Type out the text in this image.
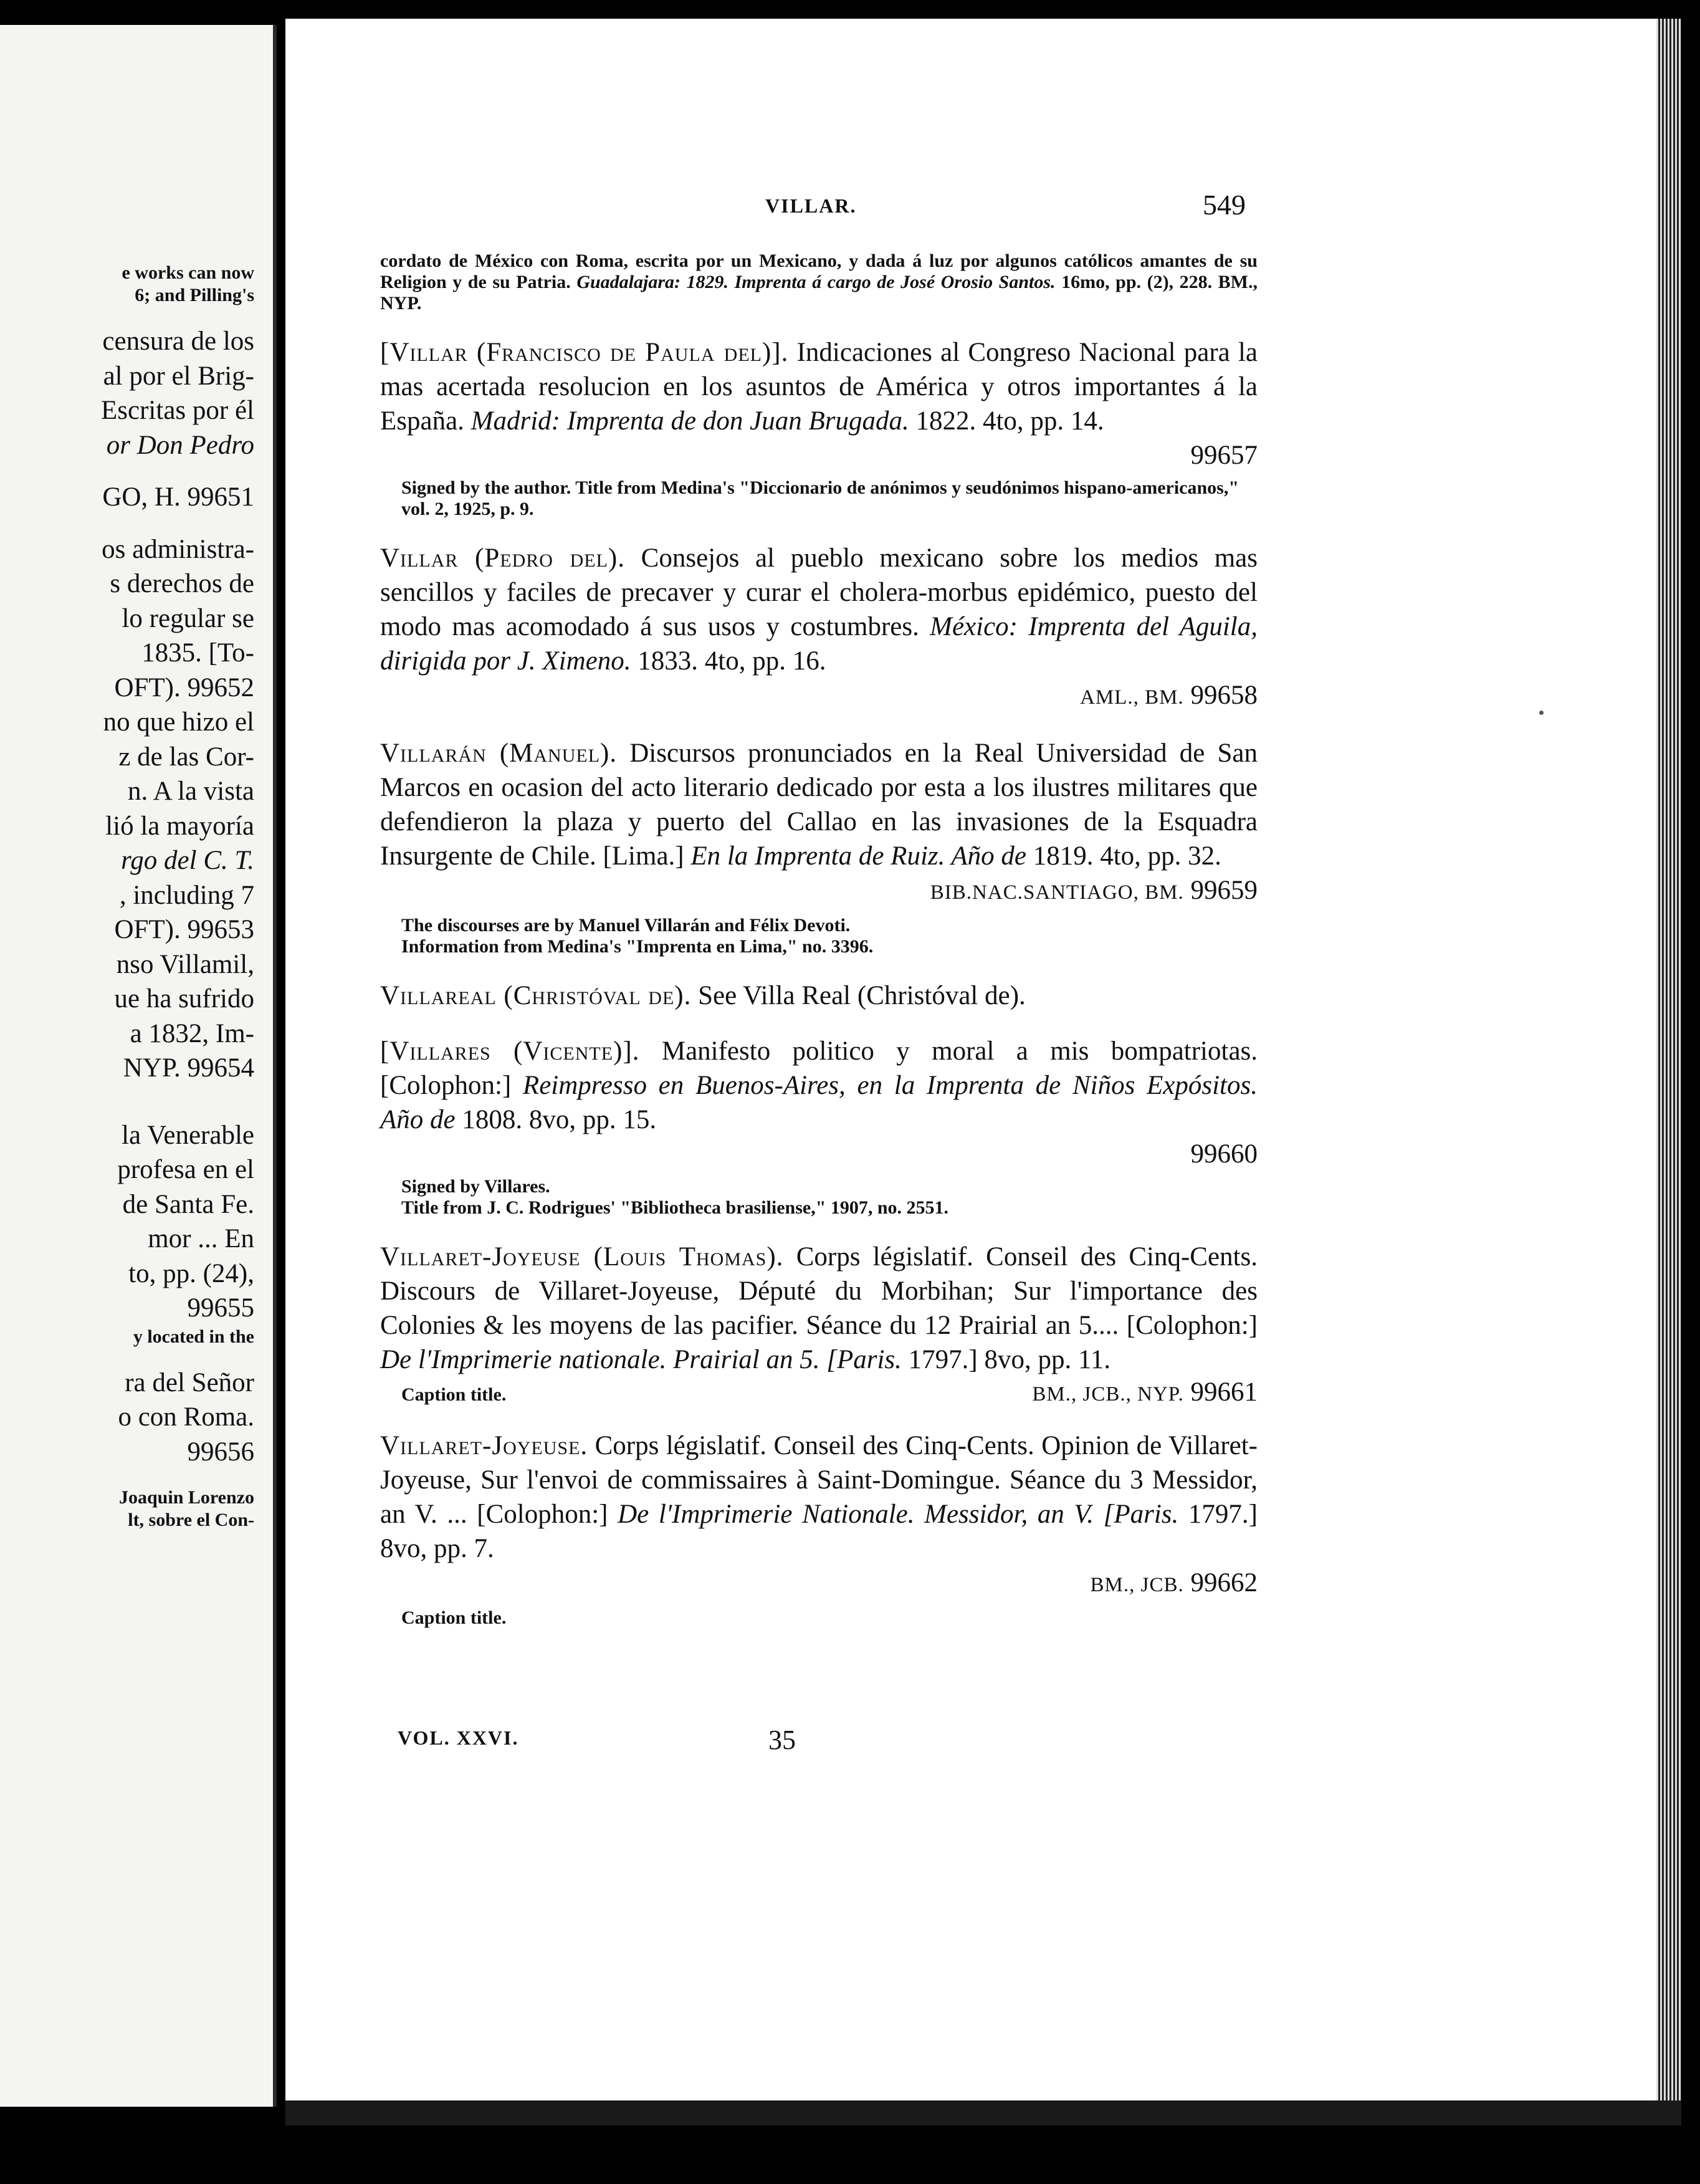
e works can now
6; and Pilling's
censura de los
al por el Brig-
Escritas por él
or Don Pedro
GO, H. 99651
os administra-
s derechos de
lo regular se
1835. [To-
OFT). 99652
no que hizo el
z de las Cor-
n. A la vista
lió la mayoría
rgo del C. T.
, including 7
OFT). 99653
nso Villamil,
ue ha sufrido
a 1832, Im-
NYP. 99654
la Venerable
profesa en el
de Santa Fe.
mor ... En
to, pp. (24),
99655
y located in the
ra del Señor
o con Roma.
99656
Joaquin Lorenzo
lt, sobre el Con-
VILLAR.	549
cordato de México con Roma, escrita por un Mexicano, y dada á luz por algunos católicos amantes de su Religion y de su Patria. Guadalajara: 1829. Imprenta á cargo de José Orosio Santos. 16mo, pp. (2), 228. BM., NYP.
[Villar (Francisco de Paula del)]. Indicaciones al Congreso Nacional para la mas acertada resolucion en los asuntos de América y otros importantes á la España. Madrid: Imprenta de don Juan Brugada. 1822. 4to, pp. 14.
99657
Signed by the author. Title from Medina's "Diccionario de anónimos y seudónimos hispano-americanos," vol. 2, 1925, p. 9.
Villar (Pedro del). Consejos al pueblo mexicano sobre los medios mas sencillos y faciles de precaver y curar el cholera-morbus epidémico, puesto del modo mas acomodado á sus usos y costumbres. México: Imprenta del Aguila, dirigida por J. Ximeno. 1833. 4to, pp. 16.
AML., BM. 99658
Villarán (Manuel). Discursos pronunciados en la Real Universidad de San Marcos en ocasion del acto literario dedicado por esta a los ilustres militares que defendieron la plaza y puerto del Callao en las invasiones de la Esquadra Insurgente de Chile. [Lima.] En la Imprenta de Ruiz. Año de 1819. 4to, pp. 32.
BIB.NAC.SANTIAGO, BM. 99659
The discourses are by Manuel Villarán and Félix Devoti.
Information from Medina's "Imprenta en Lima," no. 3396.
Villareal (Christóval de). See Villa Real (Christóval de).
[Villares (Vicente)]. Manifesto politico y moral a mis bompatriotas. [Colophon:] Reimpresso en Buenos-Aires, en la Imprenta de Niños Expósitos. Año de 1808. 8vo, pp. 15.
99660
Signed by Villares.
Title from J. C. Rodrigues' "Bibliotheca brasiliense," 1907, no. 2551.
Villaret-Joyeuse (Louis Thomas). Corps législatif. Conseil des Cinq-Cents. Discours de Villaret-Joyeuse, Député du Morbihan; Sur l'importance des Colonies & les moyens de las pacifier. Séance du 12 Prairial an 5.... [Colophon:] De l'Imprimerie nationale. Prairial an 5. [Paris. 1797.] 8vo, pp. 11.
Caption title.	BM., JCB., NYP. 99661
Villaret-Joyeuse. Corps législatif. Conseil des Cinq-Cents. Opinion de Villaret-Joyeuse, Sur l'envoi de commissaires à Saint-Domingue. Séance du 3 Messidor, an V. ... [Colophon:] De l'Imprimerie Nationale. Messidor, an V. [Paris. 1797.] 8vo, pp. 7.
BM., JCB. 99662
Caption title.
VOL. XXVI.	35
